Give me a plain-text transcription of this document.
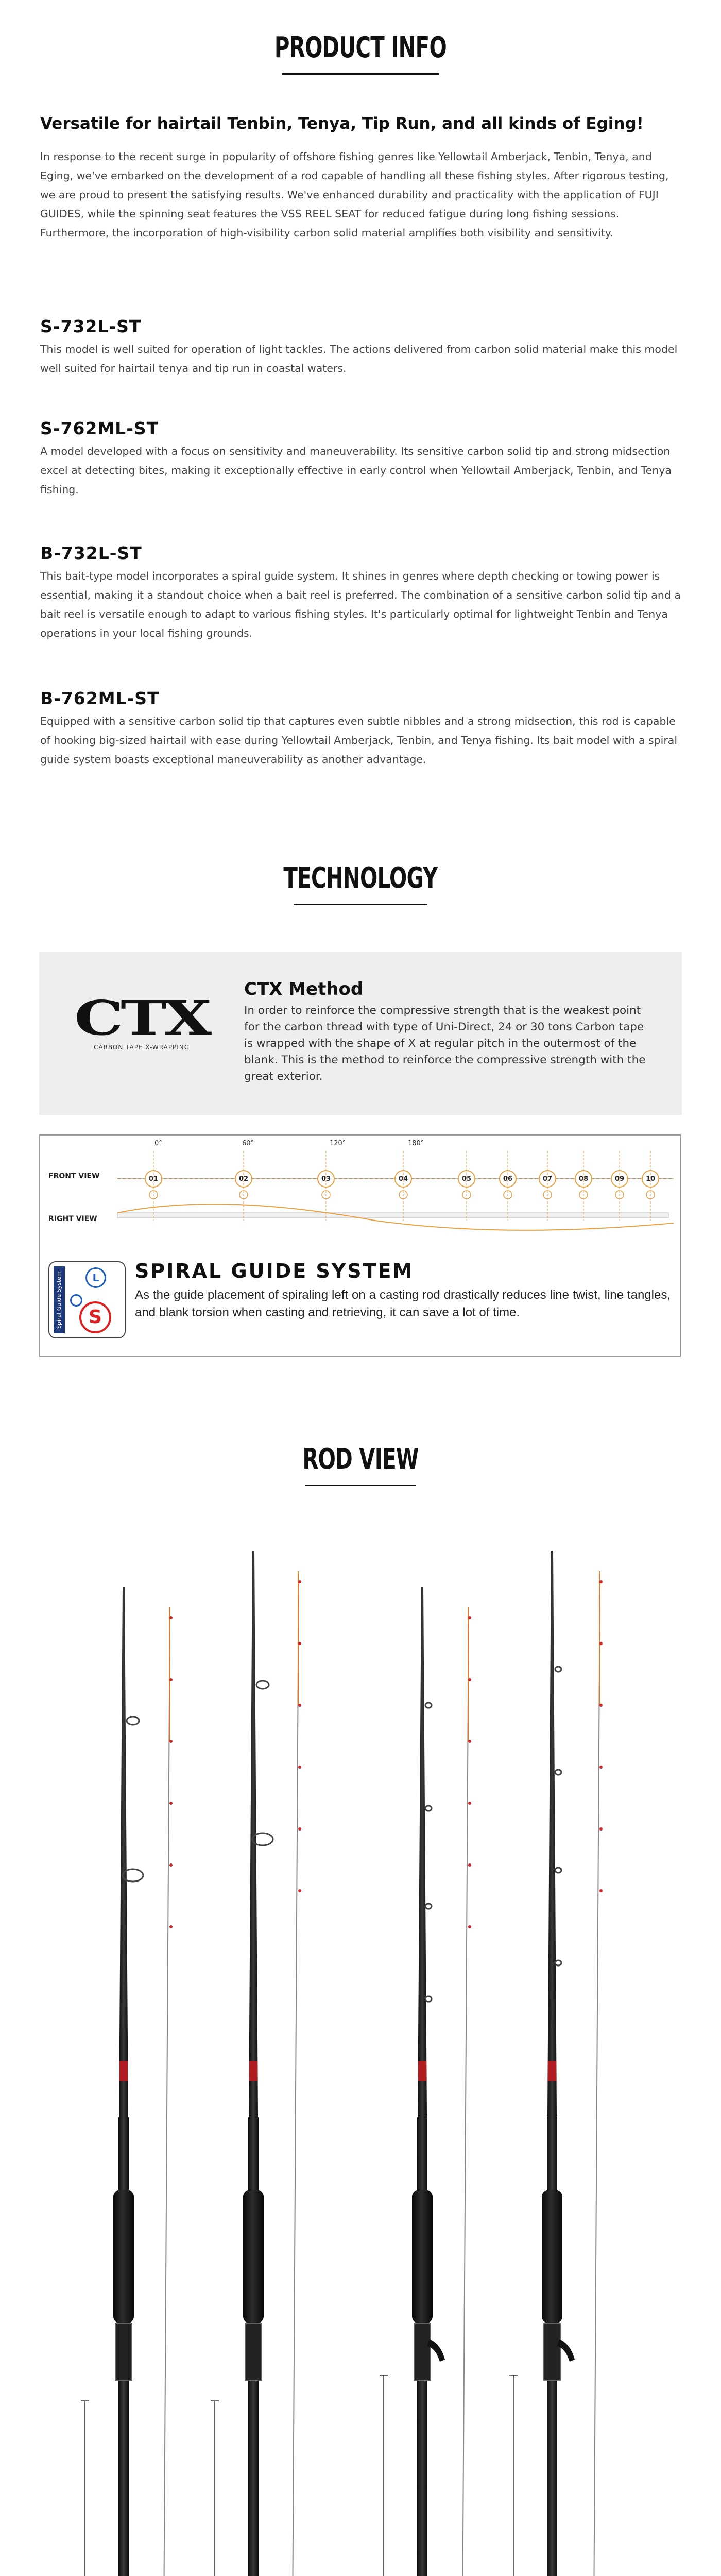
PRODUCT INFO
Versatile for hairtail Tenbin, Tenya, Tip Run, and all kinds of Eging!
In response to the recent surge in popularity of offshore fishing genres like Yellowtail Amberjack, Tenbin, Tenya, and Eging, we've embarked on the development of a rod capable of handling all these fishing styles. After rigorous testing, we are proud to present the satisfying results. We've enhanced durability and practicality with the application of FUJI GUIDES, while the spinning seat features the VSS REEL SEAT for reduced fatigue during long fishing sessions. Furthermore, the incorporation of high-visibility carbon solid material amplifies both visibility and sensitivity.
S-732L-ST
This model is well suited for operation of light tackles. The actions delivered from carbon solid material make this model well suited for hairtail tenya and tip run in coastal waters.
S-762ML-ST
A model developed with a focus on sensitivity and maneuverability. Its sensitive carbon solid tip and strong midsection excel at detecting bites, making it exceptionally effective in early control when Yellowtail Amberjack, Tenbin, and Tenya fishing.
B-732L-ST
This bait-type model incorporates a spiral guide system. It shines in genres where depth checking or towing power is essential, making it a standout choice when a bait reel is preferred. The combination of a sensitive carbon solid tip and a bait reel is versatile enough to adapt to various fishing styles. It's particularly optimal for lightweight Tenbin and Tenya operations in your local fishing grounds.
B-762ML-ST
Equipped with a sensitive carbon solid tip that captures even subtle nibbles and a strong midsection, this rod is capable of hooking big-sized hairtail with ease during Yellowtail Amberjack, Tenbin, and Tenya fishing. Its bait model with a spiral guide system boasts exceptional maneuverability as another advantage.
TECHNOLOGY
CTX
CARBON TAPE X-WRAPPING
CTX Method
In order to reinforce the compressive strength that is the weakest point for the carbon thread with type of Uni-Direct, 24 or 30 tons Carbon tape is wrapped with the shape of X at regular pitch in the outermost of the blank. This is the method to reinforce the compressive strength with the great exterior.
FRONT VIEW
RIGHT VIEW
0°	60°	120°	180°
01	02	03	04	05	06	07	08	09	10
Spiral Guide System	L
S
SPIRAL GUIDE SYSTEM
As the guide placement of spiraling left on a casting rod drastically reduces line twist, line tangles, and blank torsion when casting and retrieving, it can save a lot of time.
ROD VIEW
